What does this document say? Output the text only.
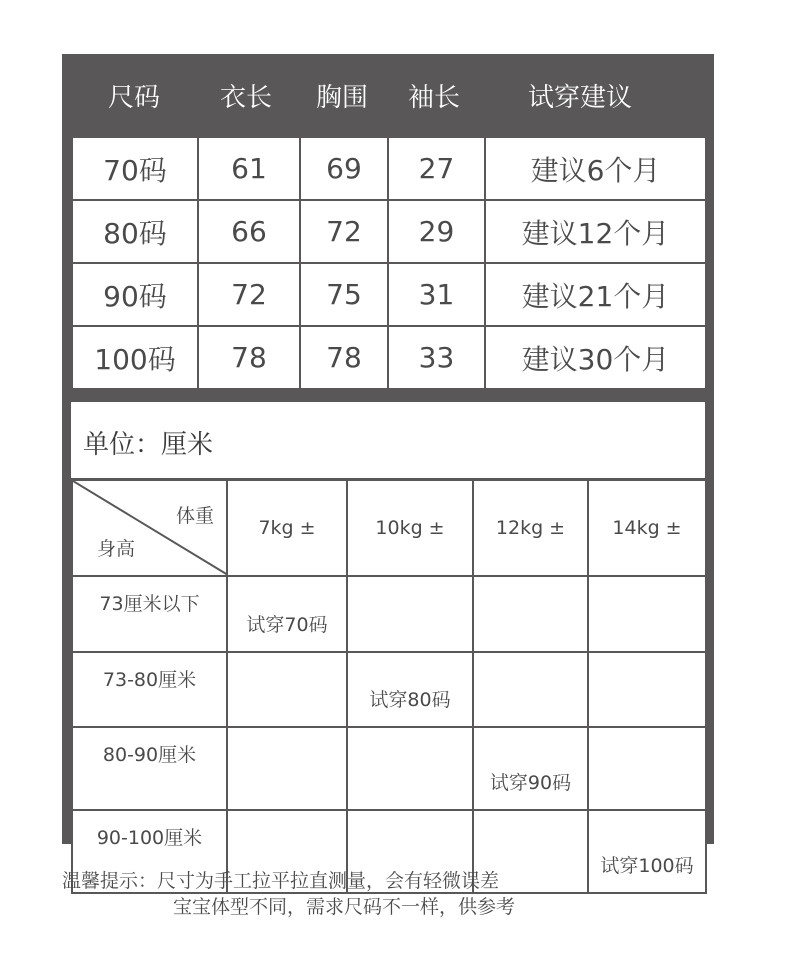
尺码 衣长 胸围 袖长	试穿建议
70码	61	69	27	建议6个月
80码	66	72	29	建议12个月
90码	72	75	31	建议21个月
100码	78	78	33	建议30个月
单位：厘米
体重
身高	7kg ±	10kg ±	12kg ±	14kg ±
73厘米以下	试穿70码			
73-80厘米		试穿80码		
80-90厘米			试穿90码	
90-100厘米				试穿100码
温馨提示：尺寸为手工拉平拉直测量，会有轻微误差
宝宝体型不同，需求尺码不一样，供参考
